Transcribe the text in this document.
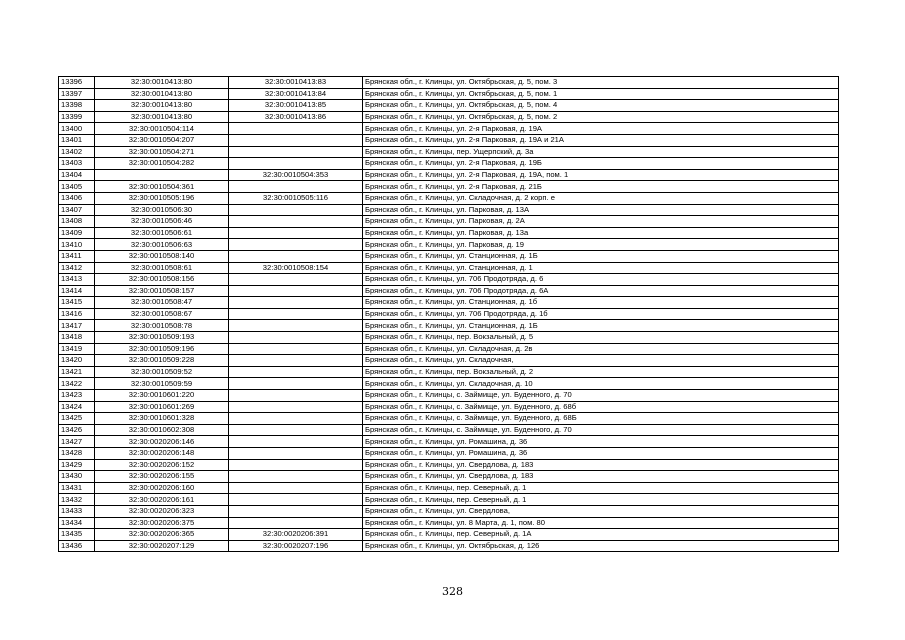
13396	32:30:0010413:80	32:30:0010413:83	Брянская обл., г. Клинцы, ул. Октябрьская, д. 5, пом. 3
13397	32:30:0010413:80	32:30:0010413:84	Брянская обл., г. Клинцы, ул. Октябрьская, д. 5, пом. 1
13398	32:30:0010413:80	32:30:0010413:85	Брянская обл., г. Клинцы, ул. Октябрьская, д. 5, пом. 4
13399	32:30:0010413:80	32:30:0010413:86	Брянская обл., г. Клинцы, ул. Октябрьская, д. 5, пом. 2
13400	32:30:0010504:114		Брянская обл., г. Клинцы, ул. 2-я Парковая, д. 19А
13401	32:30:0010504:207		Брянская обл., г. Клинцы, ул. 2-я Парковая, д. 19А и 21А
13402	32:30:0010504:271		Брянская обл., г. Клинцы, пер. Ущерпский, д. 3а
13403	32:30:0010504:282		Брянская обл., г. Клинцы, ул. 2-я Парковая, д. 19Б
13404		32:30:0010504:353	Брянская обл., г. Клинцы, ул. 2-я Парковая, д. 19А, пом. 1
13405	32:30:0010504:361		Брянская обл., г. Клинцы, ул. 2-я Парковая, д. 21Б
13406	32:30:0010505:196	32:30:0010505:116	Брянская обл., г. Клинцы, ул. Складочная, д. 2 корп. е
13407	32:30:0010506:30		Брянская обл., г. Клинцы, ул. Парковая, д. 13А
13408	32:30:0010506:46		Брянская обл., г. Клинцы, ул. Парковая, д. 2А
13409	32:30:0010506:61		Брянская обл., г. Клинцы, ул. Парковая, д. 13а
13410	32:30:0010506:63		Брянская обл., г. Клинцы, ул. Парковая, д. 19
13411	32:30:0010508:140		Брянская обл., г. Клинцы, ул. Станционная, д. 1Б
13412	32:30:0010508:61	32:30:0010508:154	Брянская обл., г. Клинцы, ул. Станционная, д. 1
13413	32:30:0010508:156		Брянская обл., г. Клинцы, ул. 706 Продотряда, д. 6
13414	32:30:0010508:157		Брянская обл., г. Клинцы, ул. 706 Продотряда, д. 6А
13415	32:30:0010508:47		Брянская обл., г. Клинцы, ул. Станционная, д. 1б
13416	32:30:0010508:67		Брянская обл., г. Клинцы, ул. 706 Продотряда, д. 1б
13417	32:30:0010508:78		Брянская обл., г. Клинцы, ул. Станционная, д. 1Б
13418	32:30:0010509:193		Брянская обл., г. Клинцы, пер. Вокзальный, д. 5
13419	32:30:0010509:196		Брянская обл., г. Клинцы, ул. Складочная, д. 2в
13420	32:30:0010509:228		Брянская обл., г. Клинцы, ул. Складочная,
13421	32:30:0010509:52		Брянская обл., г. Клинцы, пер. Вокзальный, д. 2
13422	32:30:0010509:59		Брянская обл., г. Клинцы, ул. Складочная, д. 10
13423	32:30:0010601:220		Брянская обл., г. Клинцы, с. Займище, ул. Буденного, д. 70
13424	32:30:0010601:269		Брянская обл., г. Клинцы, с. Займище, ул. Буденного, д. 68б
13425	32:30:0010601:328		Брянская обл., г. Клинцы, с. Займище, ул. Буденного, д. 68Б
13426	32:30:0010602:308		Брянская обл., г. Клинцы, с. Займище, ул. Буденного, д. 70
13427	32:30:0020206:146		Брянская обл., г. Клинцы, ул. Ромашина, д. 36
13428	32:30:0020206:148		Брянская обл., г. Клинцы, ул. Ромашина, д. 36
13429	32:30:0020206:152		Брянская обл., г. Клинцы, ул. Свердлова, д. 183
13430	32:30:0020206:155		Брянская обл., г. Клинцы, ул. Свердлова, д. 183
13431	32:30:0020206:160		Брянская обл., г. Клинцы, пер. Северный, д. 1
13432	32:30:0020206:161		Брянская обл., г. Клинцы, пер. Северный, д. 1
13433	32:30:0020206:323		Брянская обл., г. Клинцы, ул. Свердлова,
13434	32:30:0020206:375		Брянская обл., г. Клинцы, ул. 8 Марта, д. 1, пом. 80
13435	32:30:0020206:365	32:30:0020206:391	Брянская обл., г. Клинцы, пер. Северный, д. 1А
13436	32:30:0020207:129	32:30:0020207:196	Брянская обл., г. Клинцы, ул. Октябрьская, д. 126
328
